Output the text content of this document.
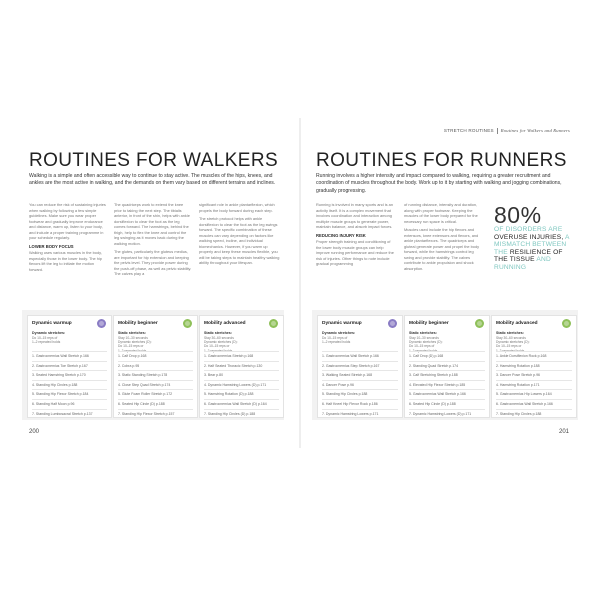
STRETCH ROUTINES Routines for Walkers and Runners
ROUTINES FOR WALKERS
Walking is a simple and often accessible way to continue to stay active. The muscles of the hips, knees, and ankles are the most active in walking, and the demands on them vary based on different terrains and inclines.

You can reduce the risk of sustaining injuries when walking by following a few simple guidelines. Make sure you wear proper footwear and gradually improve endurance and distance, warm up, listen to your body, and include a proper training programme in your schedule regularly.

LOWER BODY FOCUS

Walking uses various muscles in the body, especially those in the lower body. The hip flexors lift the leg to initiate the motion forward.

The quadriceps work to extend the knee prior to taking the next step. The tibialis anterior, in front of the shin, helps with ankle dorsiflexion to clear the foot as the leg comes forward. The hamstrings, behind the thigh, help to flex the knee and control the leg swinging as it moves back during the walking motion.

The glutes, particularly the gluteus medius, are important for hip extension and keeping the pelvis level. They provide power during the push-off phase, as well as pelvic stability. The calves play a

significant role in ankle plantarflexion, which propels the body forward during each step.

The stretch protocol helps with ankle dorsiflexion to clear the foot as the leg swings forward. The specific combination of these muscles can vary depending on factors like walking speed, incline, and individual biomechanics. However, if you warm up properly and keep these muscles flexible, you will be taking steps to maintain healthy walking ability throughout your lifespan.

ROUTINES FOR RUNNERS
Running involves a higher intensity and impact compared to walking, requiring a greater recruitment and coordination of muscles throughout the body. Work up to it by starting with walking and jogging combinations, gradually progressing.

Running is involved in many sports and is an activity itself. It is a complex movement that involves coordination and interaction among multiple muscle groups to generate power, maintain balance, and absorb impact forces.

REDUCING INJURY RISK

Proper strength training and conditioning of the lower body muscle groups can help improve running performance and reduce the risk of injuries. Other things to note include gradual programming

of running distance, intensity and duration, along with proper footwear. Keeping the muscles of the lower body prepared for the necessary run space is critical.

Muscles used include the hip flexors and extensors, knee extensors and flexors, and ankle plantarflexors. The quadriceps and gluteal generate power and propel the body forward, while the hamstrings control leg swing and provide stability. The calves contribute to ankle propulsion and shock absorption.

80%
OF DISORDERS ARE OVERUSE INJURIES, A MISMATCH BETWEEN THE RESILIENCE OF THE TISSUE AND RUNNING
200	201
Dynamic warmup
Dynamic stretches:
Do 10–15 reps of
1–2 repeated holds
1. Gastrocnemius Wall Stretch p.166
2. Gastrocnemius Toe Stretch p.167
3. Seated Hamstring Stretch p.170
4. Standing Hip Circles p.188
5. Standing Hip Flexor Stretch p.184
6. Standing Half Moon p.96
7. Standing Lumbosacral Stretch p.137
Mobility beginner
Static stretches:
Stay 10–30 seconds
Dynamic stretches (D):
Do 10–15 reps or
1–2 repeated holds
1. Calf Drop p.168
2. Cobra p.95
3. Static Standing Stretch p.178
4. Close Step Quad Stretch p.174
5. Glute Foam Roller Stretch p.172
6. Seated Hip Circle (D) p.188
7. Standing Hip Flexor Stretch p.157
Mobility advanced
Static stretches:
Stay 30–60 seconds
Dynamic stretches (D):
Do 10–15 reps or
1–2 repeated holds
1. Gastrocnemius Stretch p.168
2. Half Seated Thoracic Stretch p.130
3. Bear p.80
4. Dynamic Hamstring Lowers (D) p.171
5. Hamstring Rotation (D) p.188
6. Gastrocnemius Wall Stretch (D) p.164
7. Standing Hip Circles (D) p.188
Dynamic warmup
Dynamic stretches:
Do 10–15 reps of
1–2 repeated holds
1. Gastrocnemius Wall Stretch p.166
2. Gastrocnemius Step Stretch p.167
3. Walking Seated Stretch p.168
4. Dancer Pose p.96
5. Standing Hip Circles p.188
6. Half Kneel Hip Flexor Rock p.186
7. Dynamic Hamstring Lowers p.171
Mobility beginner
Static stretches:
Stay 10–30 seconds
Dynamic stretches (D):
Do 10–15 reps of
1–2 repeated holds
1. Calf Drop (D) p.168
2. Standing Quad Stretch p.174
3. Calf Stretching Stretch p.188
4. Elevated Hip Flexor Stretch p.185
5. Gastrocnemius Wall Stretch p.166
6. Seated Hip Circle (D) p.188
7. Dynamic Hamstring Lowers (D) p.171
Mobility advanced
Static stretches:
Stay 30–60 seconds
Dynamic stretches (D):
Do 10–15 reps or
1–2 repeated holds
1. Ankle Dorsiflexion Rock p.168
2. Hamstring Rotation p.188
3. Dancer Pose Stretch p.96
4. Hamstring Rotation p.171
5. Gastrocnemius Hip Lowers p.164
6. Gastrocnemius Wall Stretch p.166
7. Standing Hip Circles p.188
